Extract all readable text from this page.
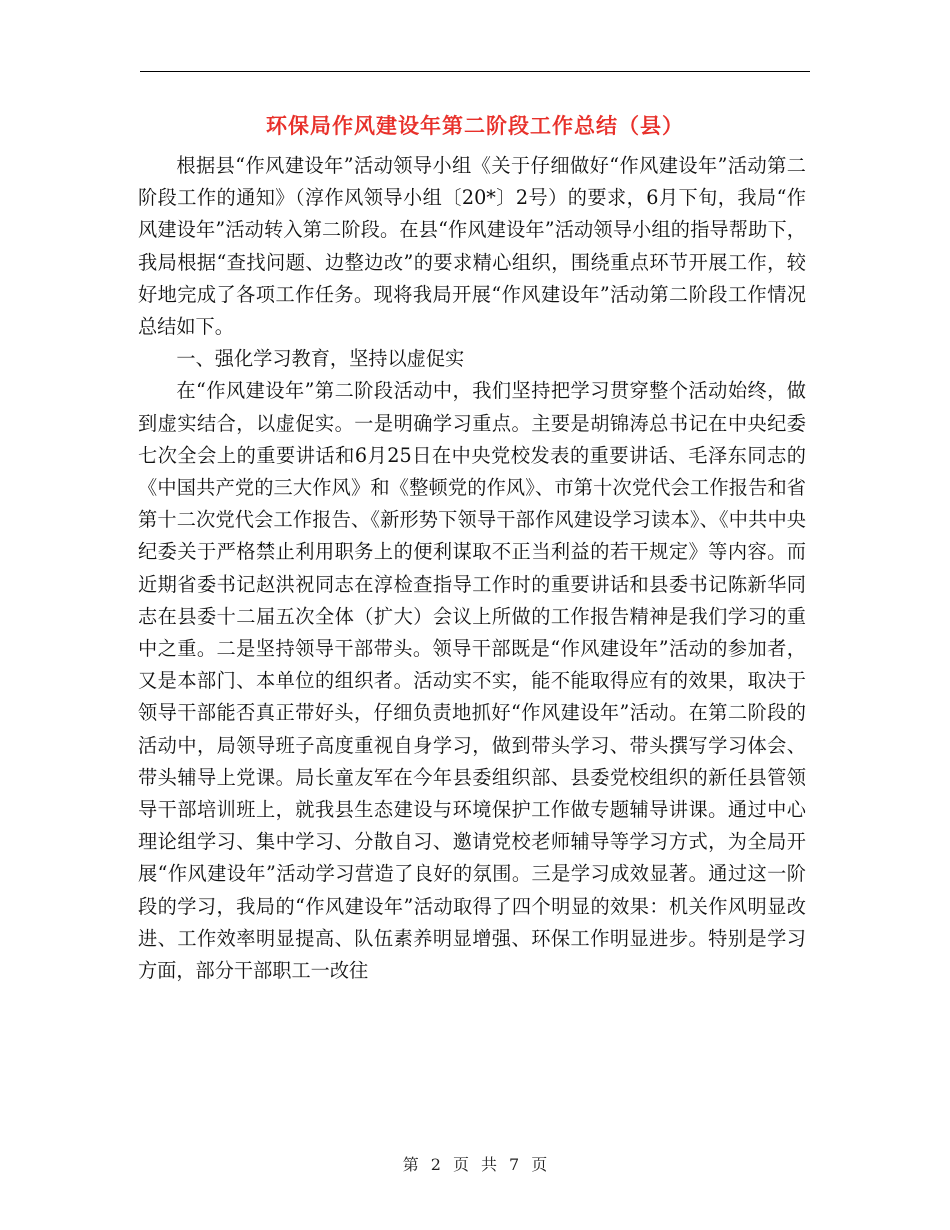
环保局作风建设年第二阶段工作总结（县）

根据县“作风建设年”活动领导小组《关于仔细做好“作风建设年”活动第二阶段工作的通知》（淳作风领导小组〔20*〕2号）的要求，6月下旬，我局“作风建设年”活动转入第二阶段。在县“作风建设年”活动领导小组的指导帮助下，我局根据“查找问题、边整边改”的要求精心组织，围绕重点环节开展工作，较好地完成了各项工作任务。现将我局开展“作风建设年”活动第二阶段工作情况总结如下。

一、强化学习教育，坚持以虚促实

在“作风建设年”第二阶段活动中，我们坚持把学习贯穿整个活动始终，做到虚实结合，以虚促实。一是明确学习重点。主要是胡锦涛总书记在中央纪委七次全会上的重要讲话和6月25日在中央党校发表的重要讲话、毛泽东同志的《中国共产党的三大作风》和《整顿党的作风》、市第十次党代会工作报告和省第十二次党代会工作报告、《新形势下领导干部作风建设学习读本》、《中共中央纪委关于严格禁止利用职务上的便利谋取不正当利益的若干规定》等内容。而近期省委书记赵洪祝同志在淳检查指导工作时的重要讲话和县委书记陈新华同志在县委十二届五次全体（扩大）会议上所做的工作报告精神是我们学习的重中之重。二是坚持领导干部带头。领导干部既是“作风建设年”活动的参加者，又是本部门、本单位的组织者。活动实不实，能不能取得应有的效果，取决于领导干部能否真正带好头，仔细负责地抓好“作风建设年”活动。在第二阶段的活动中，局领导班子高度重视自身学习，做到带头学习、带头撰写学习体会、带头辅导上党课。局长童友军在今年县委组织部、县委党校组织的新任县管领导干部培训班上，就我县生态建设与环境保护工作做专题辅导讲课。通过中心理论组学习、集中学习、分散自习、邀请党校老师辅导等学习方式，为全局开展“作风建设年”活动学习营造了良好的氛围。三是学习成效显著。通过这一阶段的学习，我局的“作风建设年”活动取得了四个明显的效果：机关作风明显改进、工作效率明显提高、队伍素养明显增强、环保工作明显进步。特别是学习方面，部分干部职工一改往

第 2 页 共 7 页
